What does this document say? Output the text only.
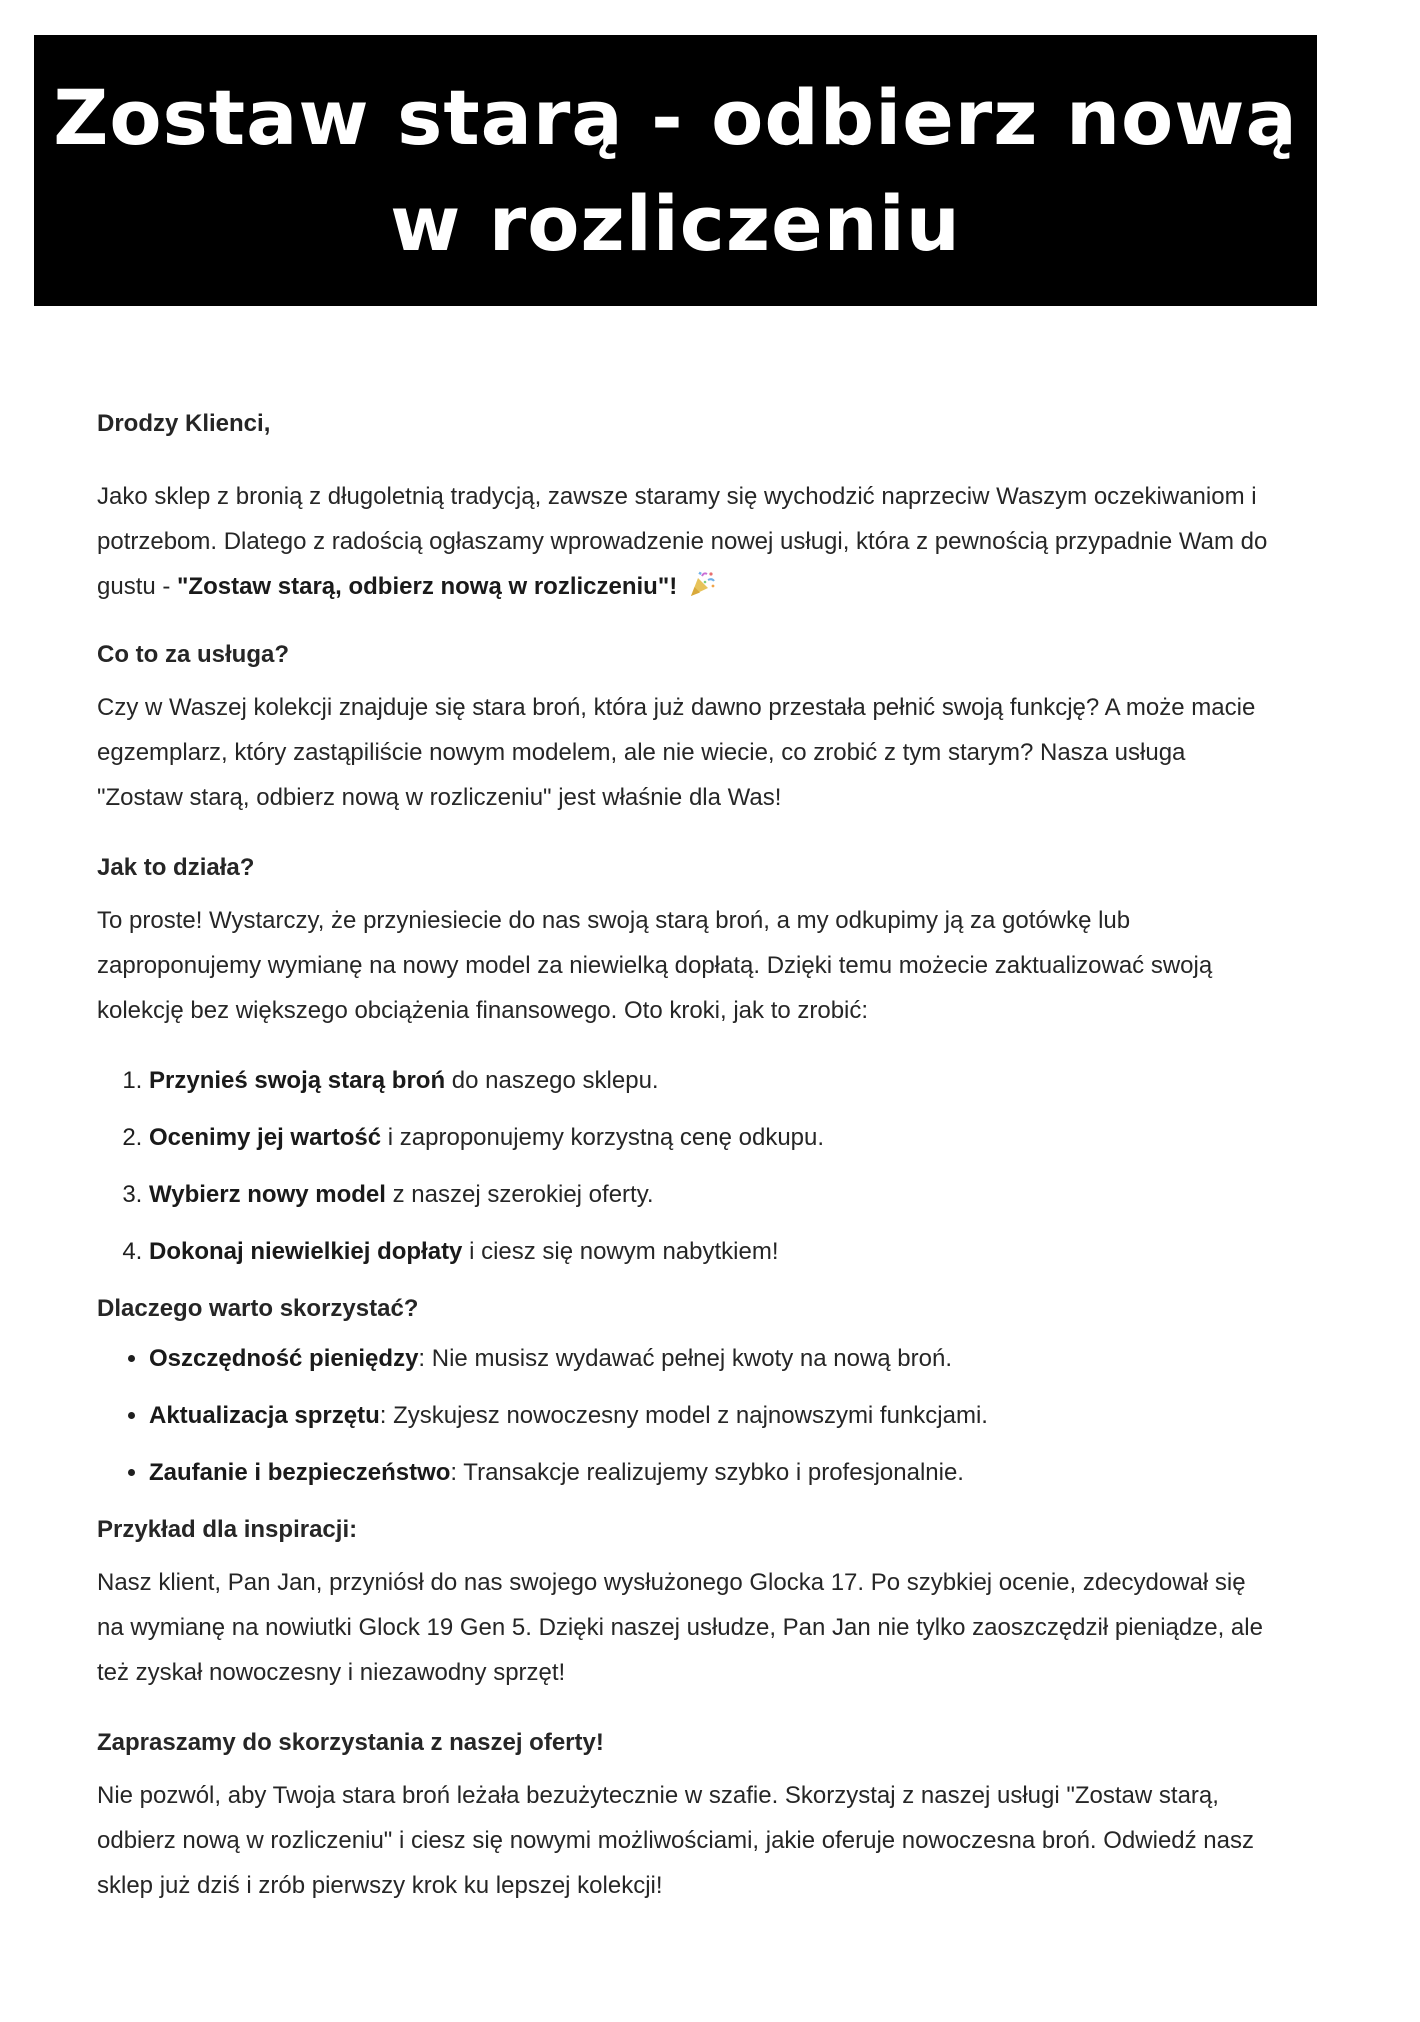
Zostaw starą - odbierz nową
w rozliczeniu

Drodzy Klienci,

Jako sklep z bronią z długoletnią tradycją, zawsze staramy się wychodzić naprzeciw Waszym oczekiwaniom i potrzebom. Dlatego z radością ogłaszamy wprowadzenie nowej usługi, która z pewnością przypadnie Wam do gustu - "Zostaw starą, odbierz nową w rozliczeniu"!

Co to za usługa?

Czy w Waszej kolekcji znajduje się stara broń, która już dawno przestała pełnić swoją funkcję? A może macie egzemplarz, który zastąpiliście nowym modelem, ale nie wiecie, co zrobić z tym starym? Nasza usługa "Zostaw starą, odbierz nową w rozliczeniu" jest właśnie dla Was!

Jak to działa?

To proste! Wystarczy, że przyniesiecie do nas swoją starą broń, a my odkupimy ją za gotówkę lub zaproponujemy wymianę na nowy model za niewielką dopłatą. Dzięki temu możecie zaktualizować swoją kolekcję bez większego obciążenia finansowego. Oto kroki, jak to zrobić:

1. Przynieś swoją starą broń do naszego sklepu.
2. Ocenimy jej wartość i zaproponujemy korzystną cenę odkupu.
3. Wybierz nowy model z naszej szerokiej oferty.
4. Dokonaj niewielkiej dopłaty i ciesz się nowym nabytkiem!

Dlaczego warto skorzystać?

• Oszczędność pieniędzy: Nie musisz wydawać pełnej kwoty na nową broń.
• Aktualizacja sprzętu: Zyskujesz nowoczesny model z najnowszymi funkcjami.
• Zaufanie i bezpieczeństwo: Transakcje realizujemy szybko i profesjonalnie.

Przykład dla inspiracji:

Nasz klient, Pan Jan, przyniósł do nas swojego wysłużonego Glocka 17. Po szybkiej ocenie, zdecydował się na wymianę na nowiutki Glock 19 Gen 5. Dzięki naszej usłudze, Pan Jan nie tylko zaoszczędził pieniądze, ale też zyskał nowoczesny i niezawodny sprzęt!

Zapraszamy do skorzystania z naszej oferty!

Nie pozwól, aby Twoja stara broń leżała bezużytecznie w szafie. Skorzystaj z naszej usługi "Zostaw starą, odbierz nową w rozliczeniu" i ciesz się nowymi możliwościami, jakie oferuje nowoczesna broń. Odwiedź nasz sklep już dziś i zrób pierwszy krok ku lepszej kolekcji!
